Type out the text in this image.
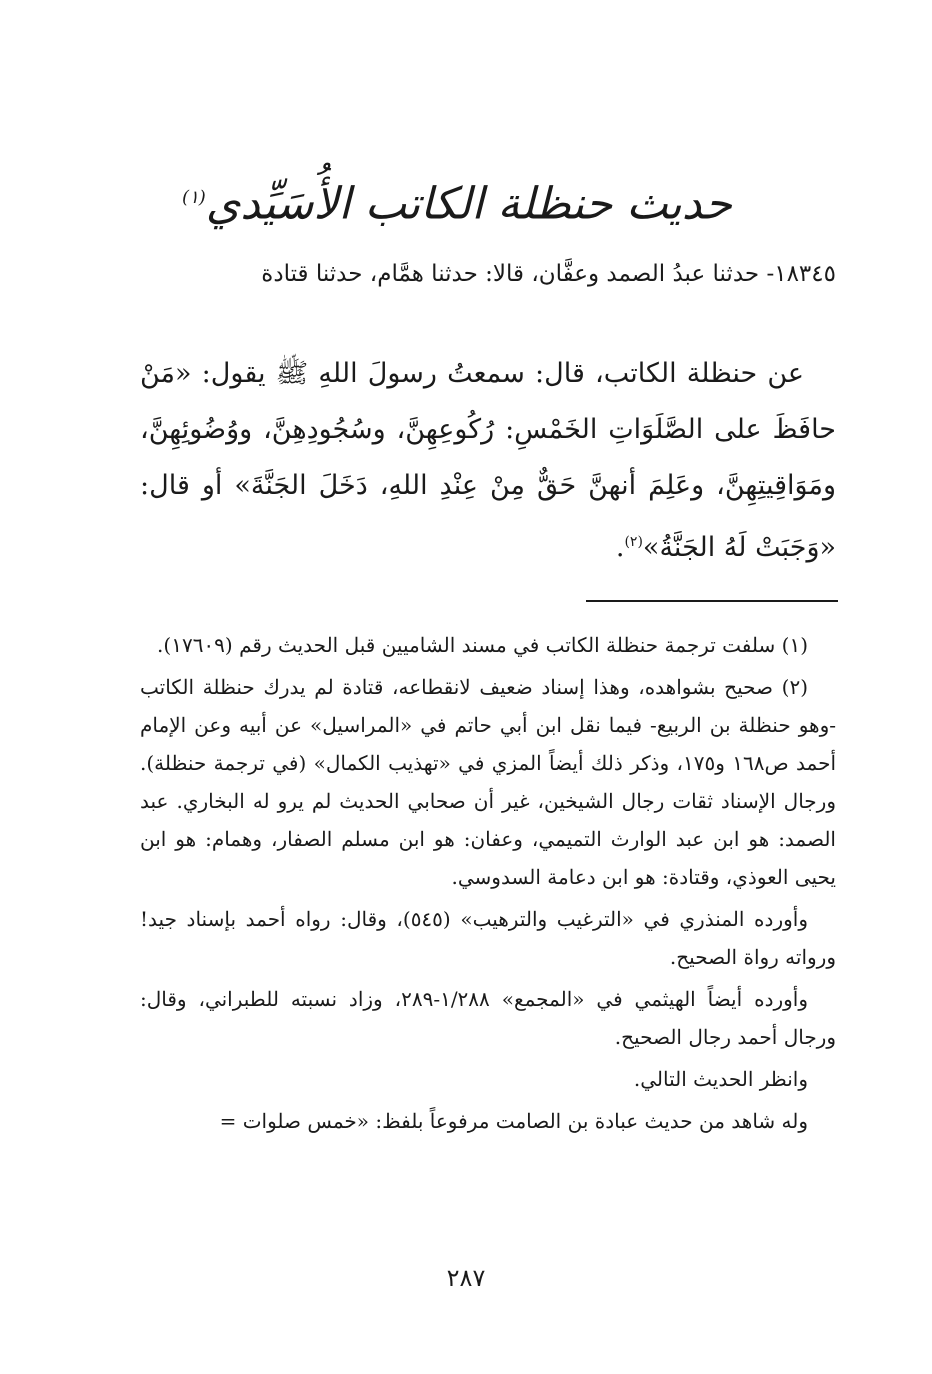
حديث حنظلة الكاتب الأُسَيِّدي$^{(١)}$
١٨٣٤٥- حدثنا عبدُ الصمد وعفَّان، قالا: حدثنا همَّام، حدثنا قتادة

عن حنظلة الكاتب، قال: سمعتُ رسولَ اللهِ ﷺ يقول: «مَنْ حافَظَ على الصَّلَوَاتِ الخَمْسِ: رُكُوعِهِنَّ، وسُجُودِهِنَّ، ووُضُوئِهِنَّ، ومَوَاقِيتِهِنَّ، وعَلِمَ أنهنَّ حَقٌّ مِنْ عِنْدِ اللهِ، دَخَلَ الجَنَّةَ» أو قال: «وَجَبَتْ لَهُ الجَنَّةُ»$^{(٢)}$.

(١) سلفت ترجمة حنظلة الكاتب في مسند الشاميين قبل الحديث رقم (١٧٦٠٩).

(٢) صحيح بشواهده، وهذا إسناد ضعيف لانقطاعه، قتادة لم يدرك حنظلة الكاتب -وهو حنظلة بن الربيع- فيما نقل ابن أبي حاتم في «المراسيل» عن أبيه وعن الإمام أحمد ص١٦٨ و١٧٥، وذكر ذلك أيضاً المزي في «تهذيب الكمال» (في ترجمة حنظلة). ورجال الإسناد ثقات رجال الشيخين، غير أن صحابي الحديث لم يرو له البخاري. عبد الصمد: هو ابن عبد الوارث التميمي، وعفان: هو ابن مسلم الصفار، وهمام: هو ابن يحيى العوذي، وقتادة: هو ابن دعامة السدوسي.

وأورده المنذري في «الترغيب والترهيب» (٥٤٥)، وقال: رواه أحمد بإسناد جيد! ورواته رواة الصحيح.

وأورده أيضاً الهيثمي في «المجمع» ١/٢٨٨-٢٨٩، وزاد نسبته للطبراني، وقال: ورجال أحمد رجال الصحيح.

وانظر الحديث التالي.

وله شاهد من حديث عبادة بن الصامت مرفوعاً بلفظ: «خمس صلوات =

٢٨٧
